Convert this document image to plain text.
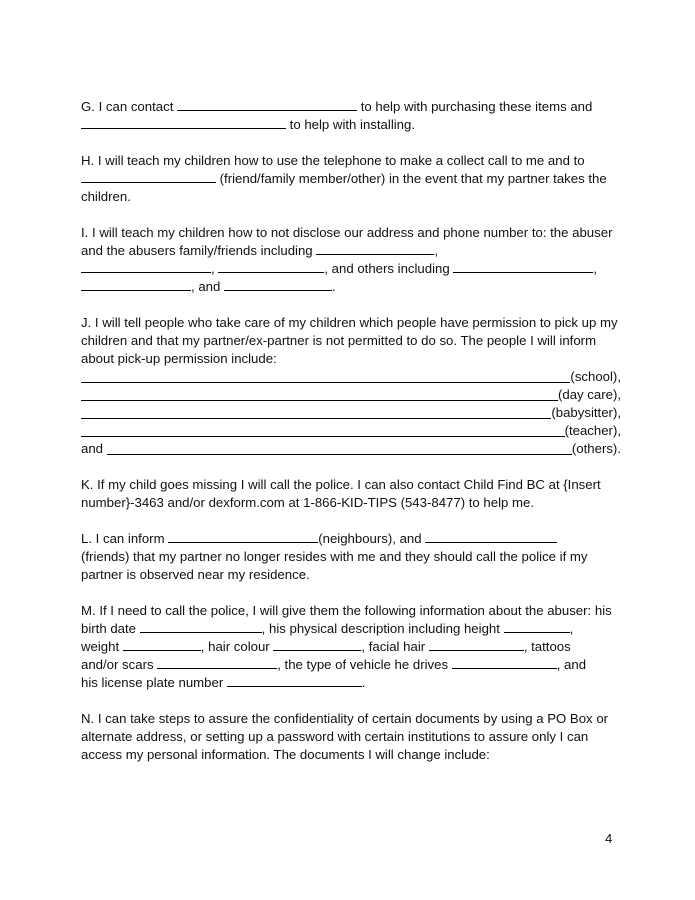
G. I can contact	to help with purchasing these items and
to help with installing.
H. I will teach my children how to use the telephone to make a collect call to me and to
(friend/family member/other) in the event that my partner takes the children.
I. I will teach my children how to not disclose our address and phone number to: the abuser and the abusers family/friends including	,
,	, and others including	,
, and	.
J. I will tell people who take care of my children which people have permission to pick up my children and that my partner/ex-partner is not permitted to do so. The people I will inform about pick-up permission include:
(school),
(day care),
(babysitter),
(teacher),
and	(others).
K. If my child goes missing I will call the police. I can also contact Child Find BC at {Insert number}-3463 and/or dexform.com at 1-866-KID-TIPS (543-8477) to help me.
L. I can inform	(neighbours), and
(friends) that my partner no longer resides with me and they should call the police if my partner is observed near my residence.
M. If I need to call the police, I will give them the following information about the abuser: his birth date	, his physical description including height	,
weight	, hair colour	, facial hair	, tattoos
and/or scars	, the type of vehicle he drives	, and
his license plate number	.
N. I can take steps to assure the confidentiality of certain documents by using a PO Box or alternate address, or setting up a password with certain institutions to assure only I can access my personal information. The documents I will change include:
4
